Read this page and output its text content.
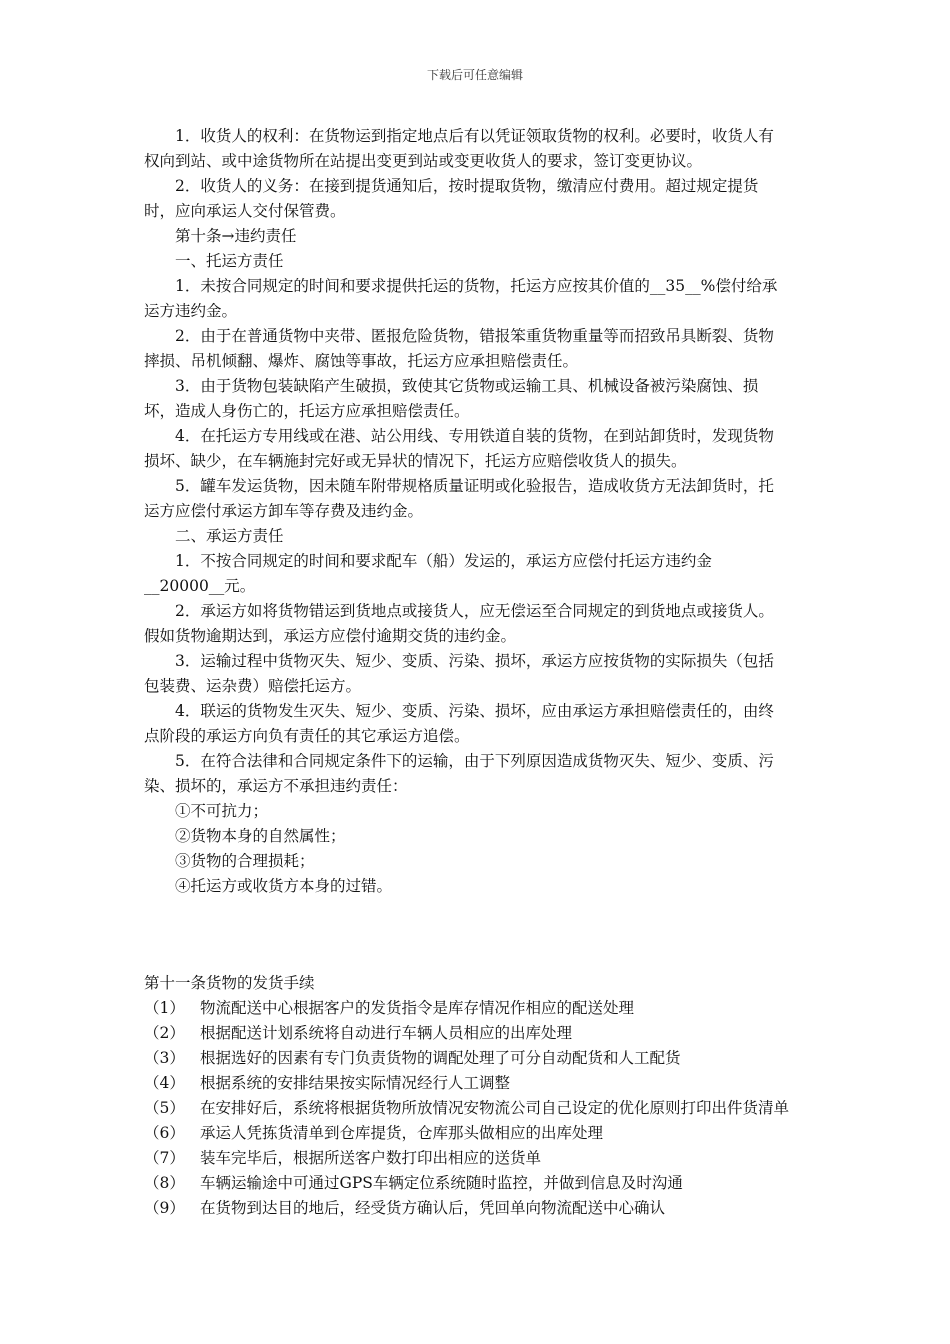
下载后可任意编辑

1．收货人的权利：在货物运到指定地点后有以凭证领取货物的权利。必要时，收货人有权向到站、或中途货物所在站提出变更到站或变更收货人的要求，签订变更协议。

2．收货人的义务：在接到提货通知后，按时提取货物，缴清应付费用。超过规定提货时，应向承运人交付保管费。

第十条→违约责任

一、托运方责任

1．未按合同规定的时间和要求提供托运的货物，托运方应按其价值的__35__%偿付给承运方违约金。

2．由于在普通货物中夹带、匿报危险货物，错报笨重货物重量等而招致吊具断裂、货物摔损、吊机倾翻、爆炸、腐蚀等事故，托运方应承担赔偿责任。

3．由于货物包装缺陷产生破损，致使其它货物或运输工具、机械设备被污染腐蚀、损坏，造成人身伤亡的，托运方应承担赔偿责任。

4．在托运方专用线或在港、站公用线、专用铁道自装的货物，在到站卸货时，发现货物损坏、缺少，在车辆施封完好或无异状的情况下，托运方应赔偿收货人的损失。

5．罐车发运货物，因未随车附带规格质量证明或化验报告，造成收货方无法卸货时，托运方应偿付承运方卸车等存费及违约金。

二、承运方责任

1．不按合同规定的时间和要求配车（船）发运的，承运方应偿付托运方违约金__20000__元。

2．承运方如将货物错运到货地点或接货人，应无偿运至合同规定的到货地点或接货人。假如货物逾期达到，承运方应偿付逾期交货的违约金。

3．运输过程中货物灭失、短少、变质、污染、损坏，承运方应按货物的实际损失（包括包装费、运杂费）赔偿托运方。

4．联运的货物发生灭失、短少、变质、污染、损坏，应由承运方承担赔偿责任的，由终点阶段的承运方向负有责任的其它承运方追偿。

5．在符合法律和合同规定条件下的运输，由于下列原因造成货物灭失、短少、变质、污染、损坏的，承运方不承担违约责任：

①不可抗力；

②货物本身的自然属性；

③货物的合理损耗；

④托运方或收货方本身的过错。

第十一条货物的发货手续

（1） 物流配送中心根据客户的发货指令是库存情况作相应的配送处理
（2） 根据配送计划系统将自动进行车辆人员相应的出库处理
（3） 根据选好的因素有专门负责货物的调配处理了可分自动配货和人工配货
（4） 根据系统的安排结果按实际情况经行人工调整
（5） 在安排好后，系统将根据货物所放情况安物流公司自己设定的优化原则打印出件货清单
（6） 承运人凭拣货清单到仓库提货，仓库那头做相应的出库处理
（7） 装车完毕后，根据所送客户数打印出相应的送货单
（8） 车辆运输途中可通过GPS车辆定位系统随时监控，并做到信息及时沟通
（9） 在货物到达目的地后，经受货方确认后，凭回单向物流配送中心确认
